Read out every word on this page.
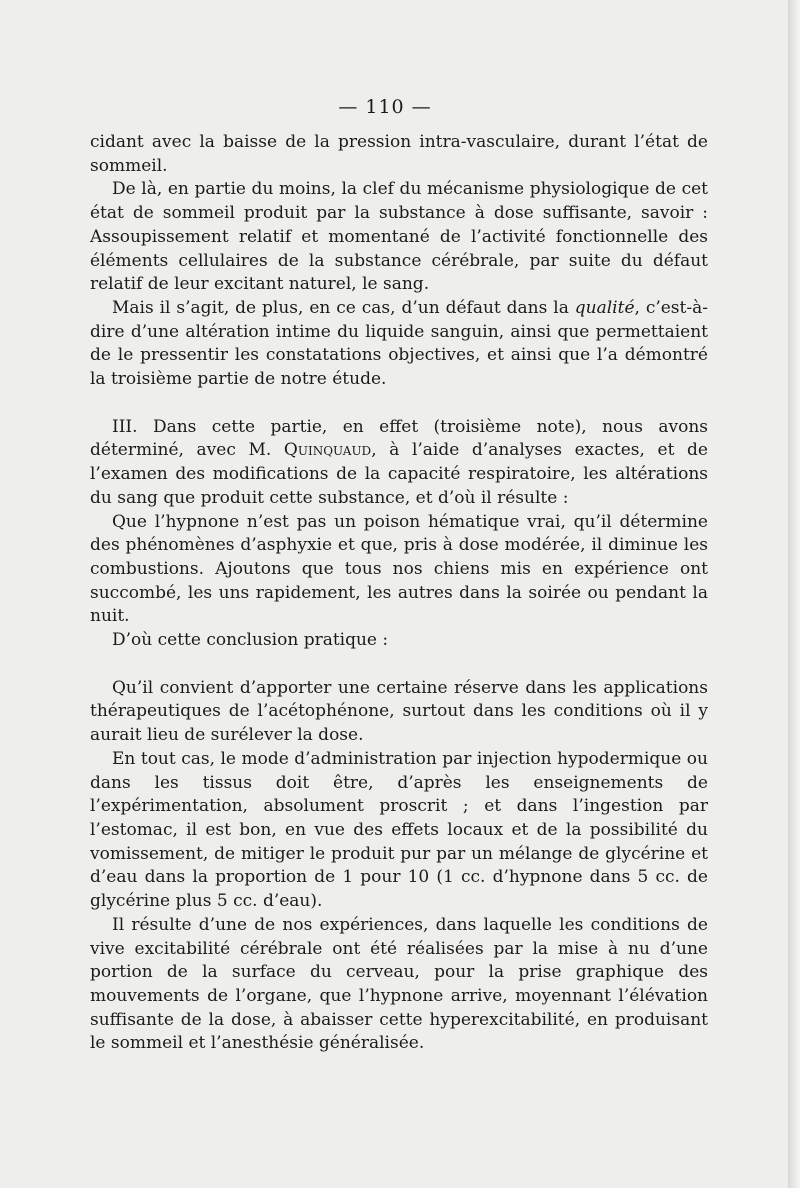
— 110 —

cidant avec la baisse de la pression intra-vasculaire, durant l’état de sommeil.

De là, en partie du moins, la clef du mécanisme physiologique de cet état de sommeil produit par la substance à dose suffisante, savoir : Assoupissement relatif et momentané de l’activité fonctionnelle des éléments cellulaires de la substance cérébrale, par suite du défaut relatif de leur excitant naturel, le sang.

Mais il s’agit, de plus, en ce cas, d’un défaut dans la qualité, c’est-à-dire d’une altération intime du liquide sanguin, ainsi que permettaient de le pressentir les constatations objectives, et ainsi que l’a démontré la troisième partie de notre étude.

III. Dans cette partie, en effet (troisième note), nous avons déterminé, avec M. Quinquaud, à l’aide d’analyses exactes, et de l’examen des modifications de la capacité respiratoire, les altérations du sang que produit cette substance, et d’où il résulte :

Que l’hypnone n’est pas un poison hématique vrai, qu’il détermine des phénomènes d’asphyxie et que, pris à dose modérée, il diminue les combustions. Ajoutons que tous nos chiens mis en expérience ont succombé, les uns rapidement, les autres dans la soirée ou pendant la nuit.

D’où cette conclusion pratique :

Qu’il convient d’apporter une certaine réserve dans les applications thérapeutiques de l’acétophénone, surtout dans les conditions où il y aurait lieu de surélever la dose.

En tout cas, le mode d’administration par injection hypodermique ou dans les tissus doit être, d’après les enseignements de l’expérimentation, absolument proscrit ; et dans l’ingestion par l’estomac, il est bon, en vue des effets locaux et de la possibilité du vomissement, de mitiger le produit pur par un mélange de glycérine et d’eau dans la proportion de 1 pour 10 (1 cc. d’hypnone dans 5 cc. de glycérine plus 5 cc. d’eau).

Il résulte d’une de nos expériences, dans laquelle les conditions de vive excitabilité cérébrale ont été réalisées par la mise à nu d’une portion de la surface du cerveau, pour la prise graphique des mouvements de l’organe, que l’hypnone arrive, moyennant l’élévation suffisante de la dose, à abaisser cette hyperexcitabilité, en produisant le sommeil et l’anesthésie généralisée.
